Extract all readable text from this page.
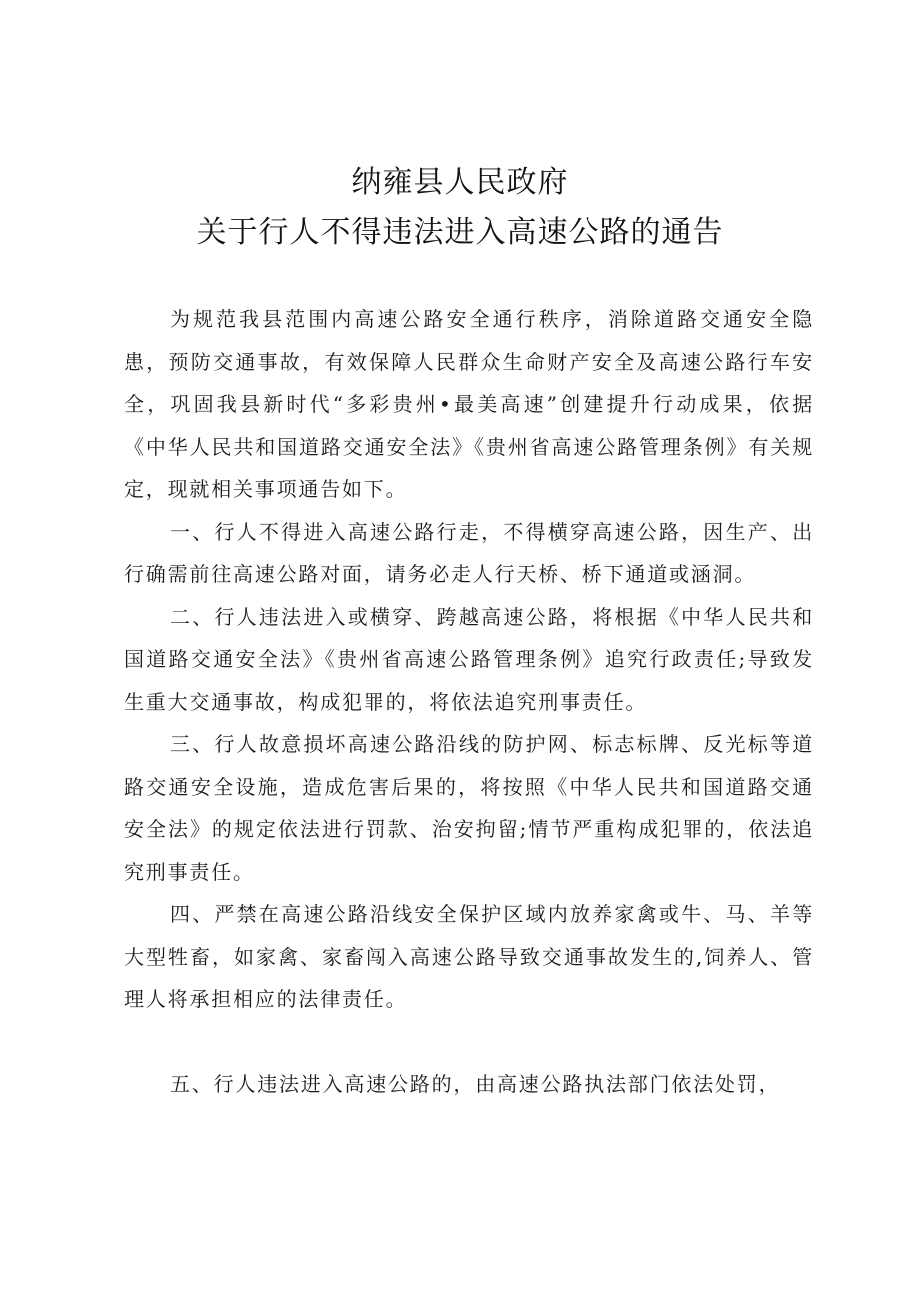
纳雍县人民政府
关于行人不得违法进入高速公路的通告

为规范我县范围内高速公路安全通行秩序，消除道路交通安全隐患，预防交通事故，有效保障人民群众生命财产安全及高速公路行车安全，巩固我县新时代“多彩贵州•最美高速”创建提升行动成果，依据《中华人民共和国道路交通安全法》《贵州省高速公路管理条例》有关规定，现就相关事项通告如下。

一、行人不得进入高速公路行走，不得横穿高速公路，因生产、出行确需前往高速公路对面，请务必走人行天桥、桥下通道或涵洞。

二、行人违法进入或横穿、跨越高速公路，将根据《中华人民共和国道路交通安全法》《贵州省高速公路管理条例》追究行政责任;导致发生重大交通事故，构成犯罪的，将依法追究刑事责任。

三、行人故意损坏高速公路沿线的防护网、标志标牌、反光标等道路交通安全设施，造成危害后果的，将按照《中华人民共和国道路交通安全法》的规定依法进行罚款、治安拘留;情节严重构成犯罪的，依法追究刑事责任。

四、严禁在高速公路沿线安全保护区域内放养家禽或牛、马、羊等大型牲畜，如家禽、家畜闯入高速公路导致交通事故发生的,饲养人、管理人将承担相应的法律责任。

五、行人违法进入高速公路的，由高速公路执法部门依法处罚，
